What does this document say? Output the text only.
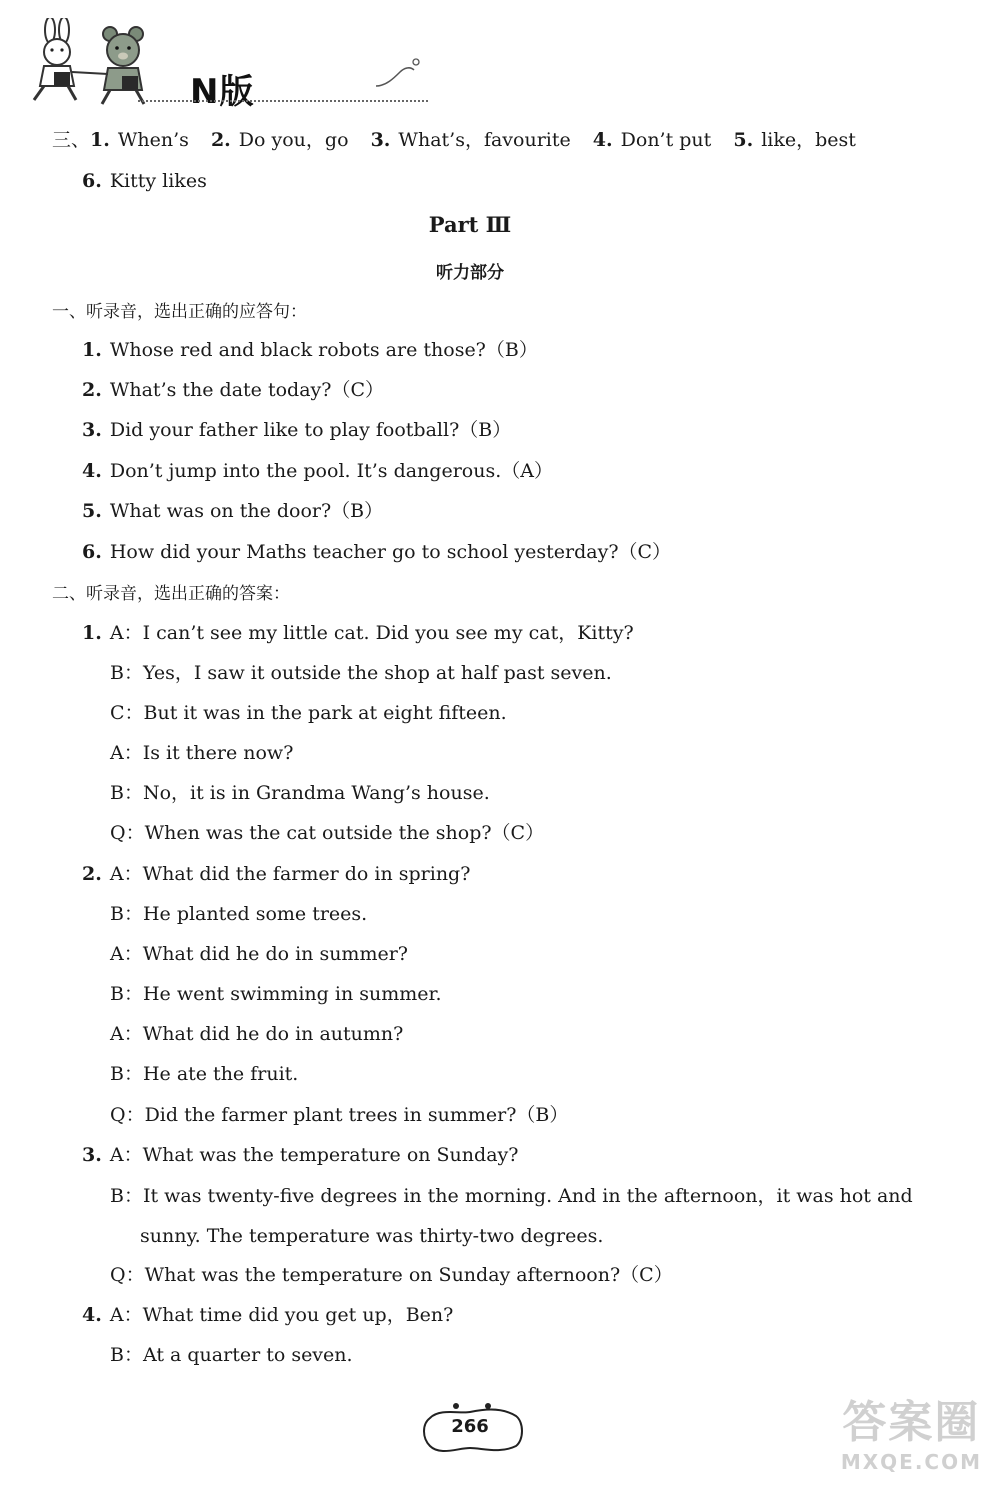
N版
三、1. When’s 2. Do you，go 3. What’s，favourite 4. Don’t put 5. like，best
6. Kitty likes
Part Ⅲ
听力部分
一、听录音，选出正确的应答句：
1. Whose red and black robots are those?（B）
2. What’s the date today?（C）
3. Did your father like to play football?（B）
4. Don’t jump into the pool. It’s dangerous.（A）
5. What was on the door?（B）
6. How did your Maths teacher go to school yesterday?（C）
二、听录音，选出正确的答案：
1. A：I can’t see my little cat. Did you see my cat，Kitty?
B：Yes，I saw it outside the shop at half past seven.
C：But it was in the park at eight fifteen.
A：Is it there now?
B：No，it is in Grandma Wang’s house.
Q：When was the cat outside the shop?（C）
2. A：What did the farmer do in spring?
B：He planted some trees.
A：What did he do in summer?
B：He went swimming in summer.
A：What did he do in autumn?
B：He ate the fruit.
Q：Did the farmer plant trees in summer?（B）
3. A：What was the temperature on Sunday?
B：It was twenty-five degrees in the morning. And in the afternoon，it was hot and
sunny. The temperature was thirty-two degrees.
Q：What was the temperature on Sunday afternoon?（C）
4. A：What time did you get up，Ben?
B：At a quarter to seven.
266	答案圈
MXQE.COM
